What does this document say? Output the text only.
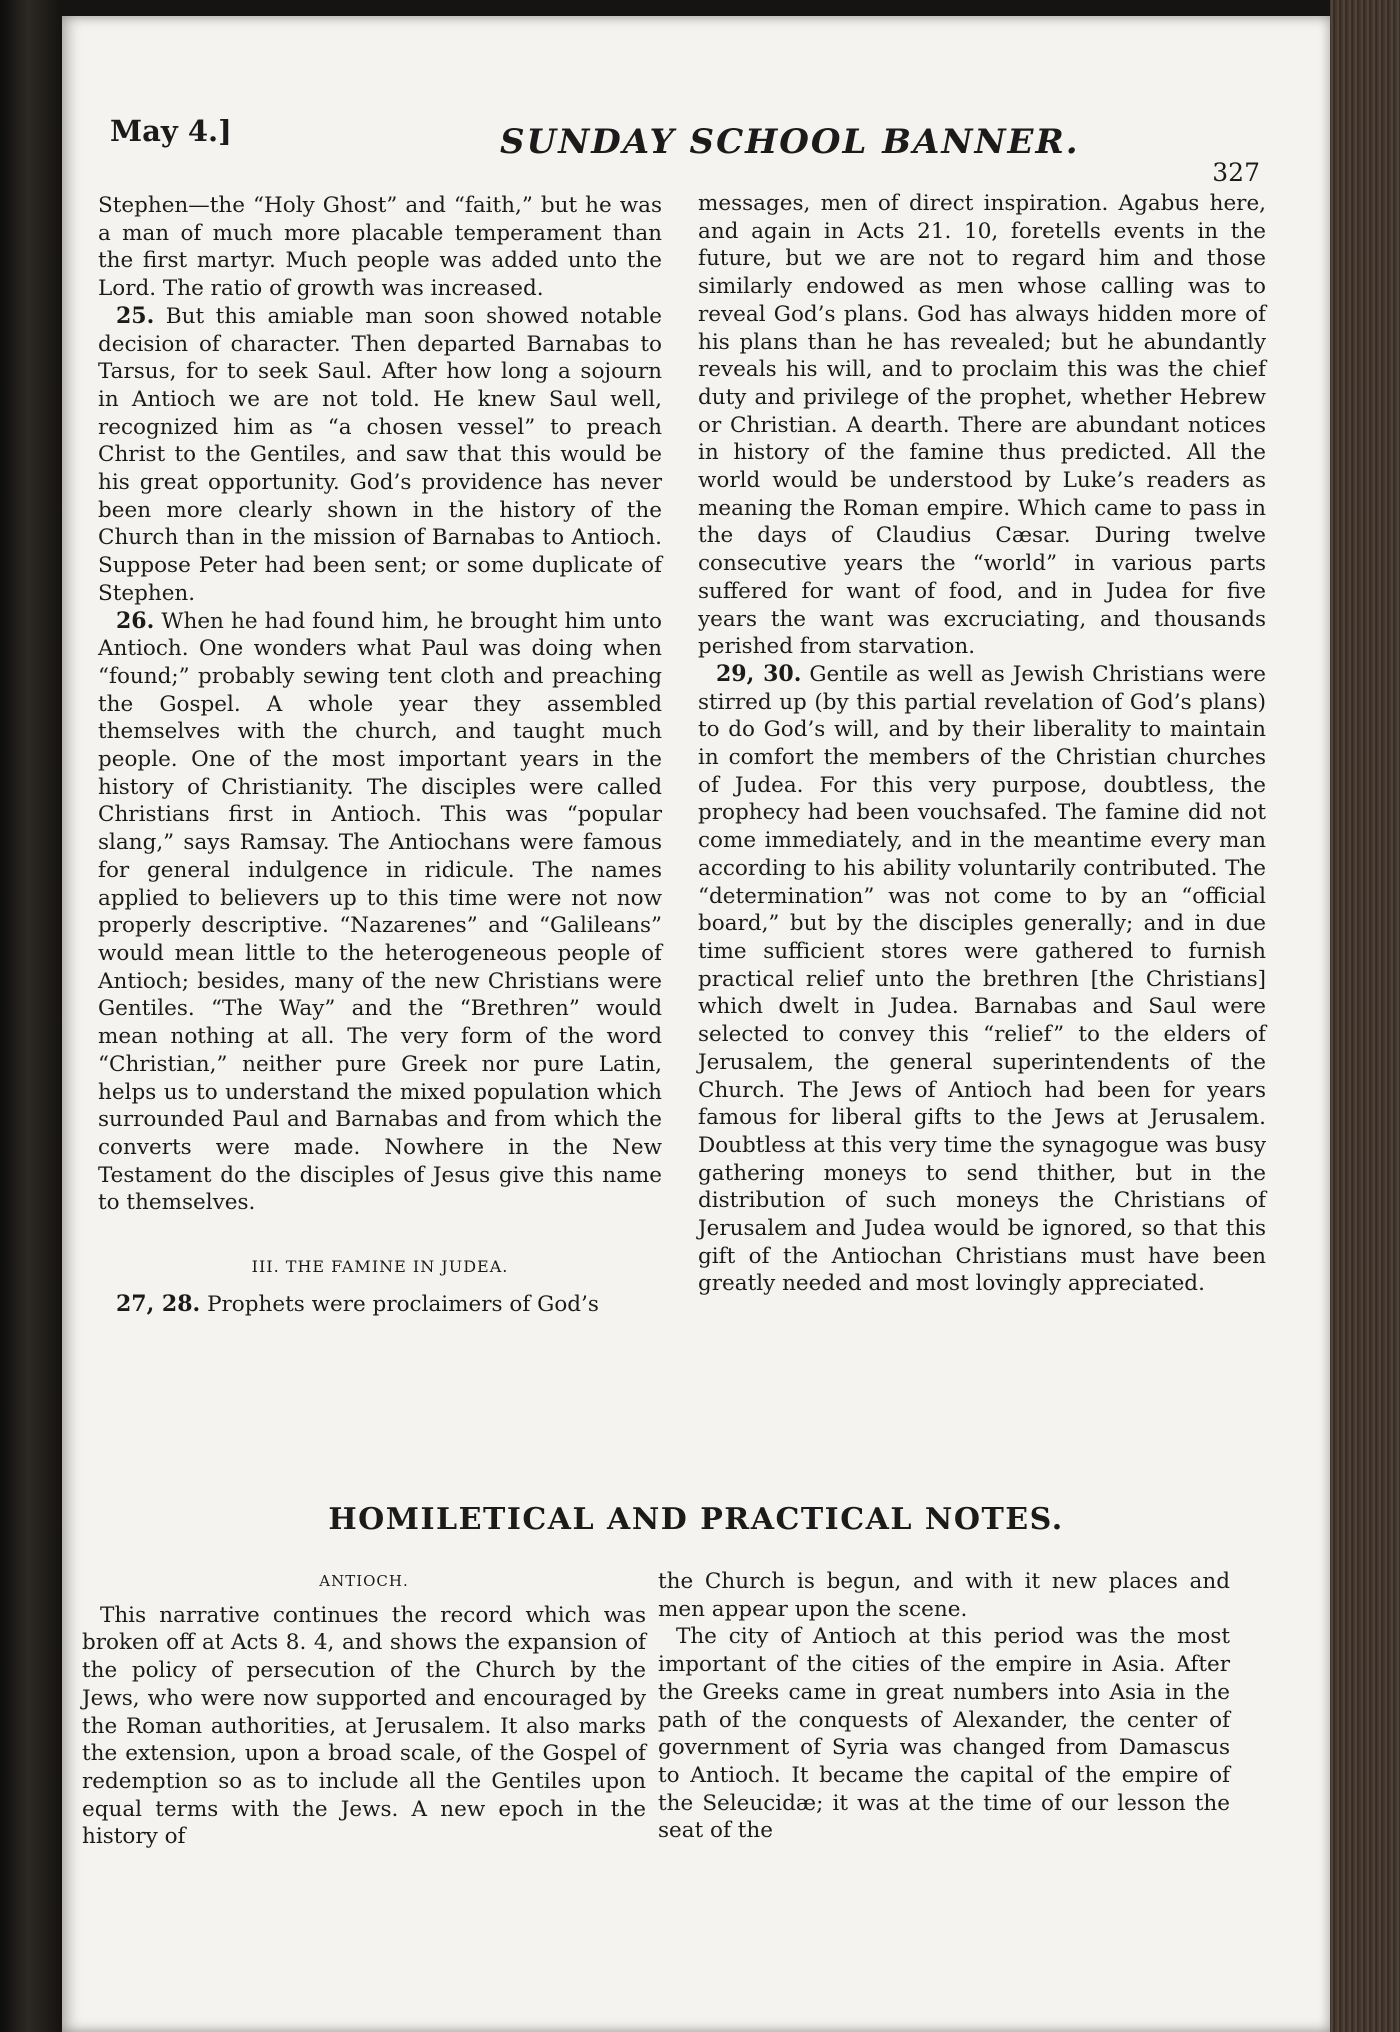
May 4.]	SUNDAY SCHOOL BANNER.
327

Stephen—the “Holy Ghost” and “faith,” but he was a man of much more placable temperament than the first martyr. Much people was added unto the Lord. The ratio of growth was increased.

25. But this amiable man soon showed notable decision of character. Then departed Barnabas to Tarsus, for to seek Saul. After how long a sojourn in Antioch we are not told. He knew Saul well, recognized him as “a chosen vessel” to preach Christ to the Gentiles, and saw that this would be his great opportunity. God’s providence has never been more clearly shown in the history of the Church than in the mission of Barnabas to Antioch. Suppose Peter had been sent; or some duplicate of Stephen.

26. When he had found him, he brought him unto Antioch. One wonders what Paul was doing when “found;” probably sewing tent cloth and preaching the Gospel. A whole year they assembled themselves with the church, and taught much people. One of the most important years in the history of Christianity. The disciples were called Christians first in Antioch. This was “popular slang,” says Ramsay. The Antiochans were famous for general indulgence in ridicule. The names applied to believers up to this time were not now properly descriptive. “Nazarenes” and “Galileans” would mean little to the heterogeneous people of Antioch; besides, many of the new Christians were Gentiles. “The Way” and the “Brethren” would mean nothing at all. The very form of the word “Christian,” neither pure Greek nor pure Latin, helps us to understand the mixed population which surrounded Paul and Barnabas and from which the converts were made. Nowhere in the New Testament do the disciples of Jesus give this name to themselves.

III. THE FAMINE IN JUDEA.

27, 28. Prophets were proclaimers of God’s

messages, men of direct inspiration. Agabus here, and again in Acts 21. 10, foretells events in the future, but we are not to regard him and those similarly endowed as men whose calling was to reveal God’s plans. God has always hidden more of his plans than he has revealed; but he abundantly reveals his will, and to proclaim this was the chief duty and privilege of the prophet, whether Hebrew or Christian. A dearth. There are abundant notices in history of the famine thus predicted. All the world would be understood by Luke’s readers as meaning the Roman empire. Which came to pass in the days of Claudius Cæsar. During twelve consecutive years the “world” in various parts suffered for want of food, and in Judea for five years the want was excruciating, and thousands perished from starvation.

29, 30. Gentile as well as Jewish Christians were stirred up (by this partial revelation of God’s plans) to do God’s will, and by their liberality to maintain in comfort the members of the Christian churches of Judea. For this very purpose, doubtless, the prophecy had been vouchsafed. The famine did not come immediately, and in the meantime every man according to his ability voluntarily contributed. The “determination” was not come to by an “official board,” but by the disciples generally; and in due time sufficient stores were gathered to furnish practical relief unto the brethren [the Christians] which dwelt in Judea. Barnabas and Saul were selected to convey this “relief” to the elders of Jerusalem, the general superintendents of the Church. The Jews of Antioch had been for years famous for liberal gifts to the Jews at Jerusalem. Doubtless at this very time the synagogue was busy gathering moneys to send thither, but in the distribution of such moneys the Christians of Jerusalem and Judea would be ignored, so that this gift of the Antiochan Christians must have been greatly needed and most lovingly appreciated.

HOMILETICAL AND PRACTICAL NOTES.

ANTIOCH.

This narrative continues the record which was broken off at Acts 8. 4, and shows the expansion of the policy of persecution of the Church by the Jews, who were now supported and encouraged by the Roman authorities, at Jerusalem. It also marks the extension, upon a broad scale, of the Gospel of redemption so as to include all the Gentiles upon equal terms with the Jews. A new epoch in the history of

the Church is begun, and with it new places and men appear upon the scene.

The city of Antioch at this period was the most important of the cities of the empire in Asia. After the Greeks came in great numbers into Asia in the path of the conquests of Alexander, the center of government of Syria was changed from Damascus to Antioch. It became the capital of the empire of the Seleucidæ; it was at the time of our lesson the seat of the
